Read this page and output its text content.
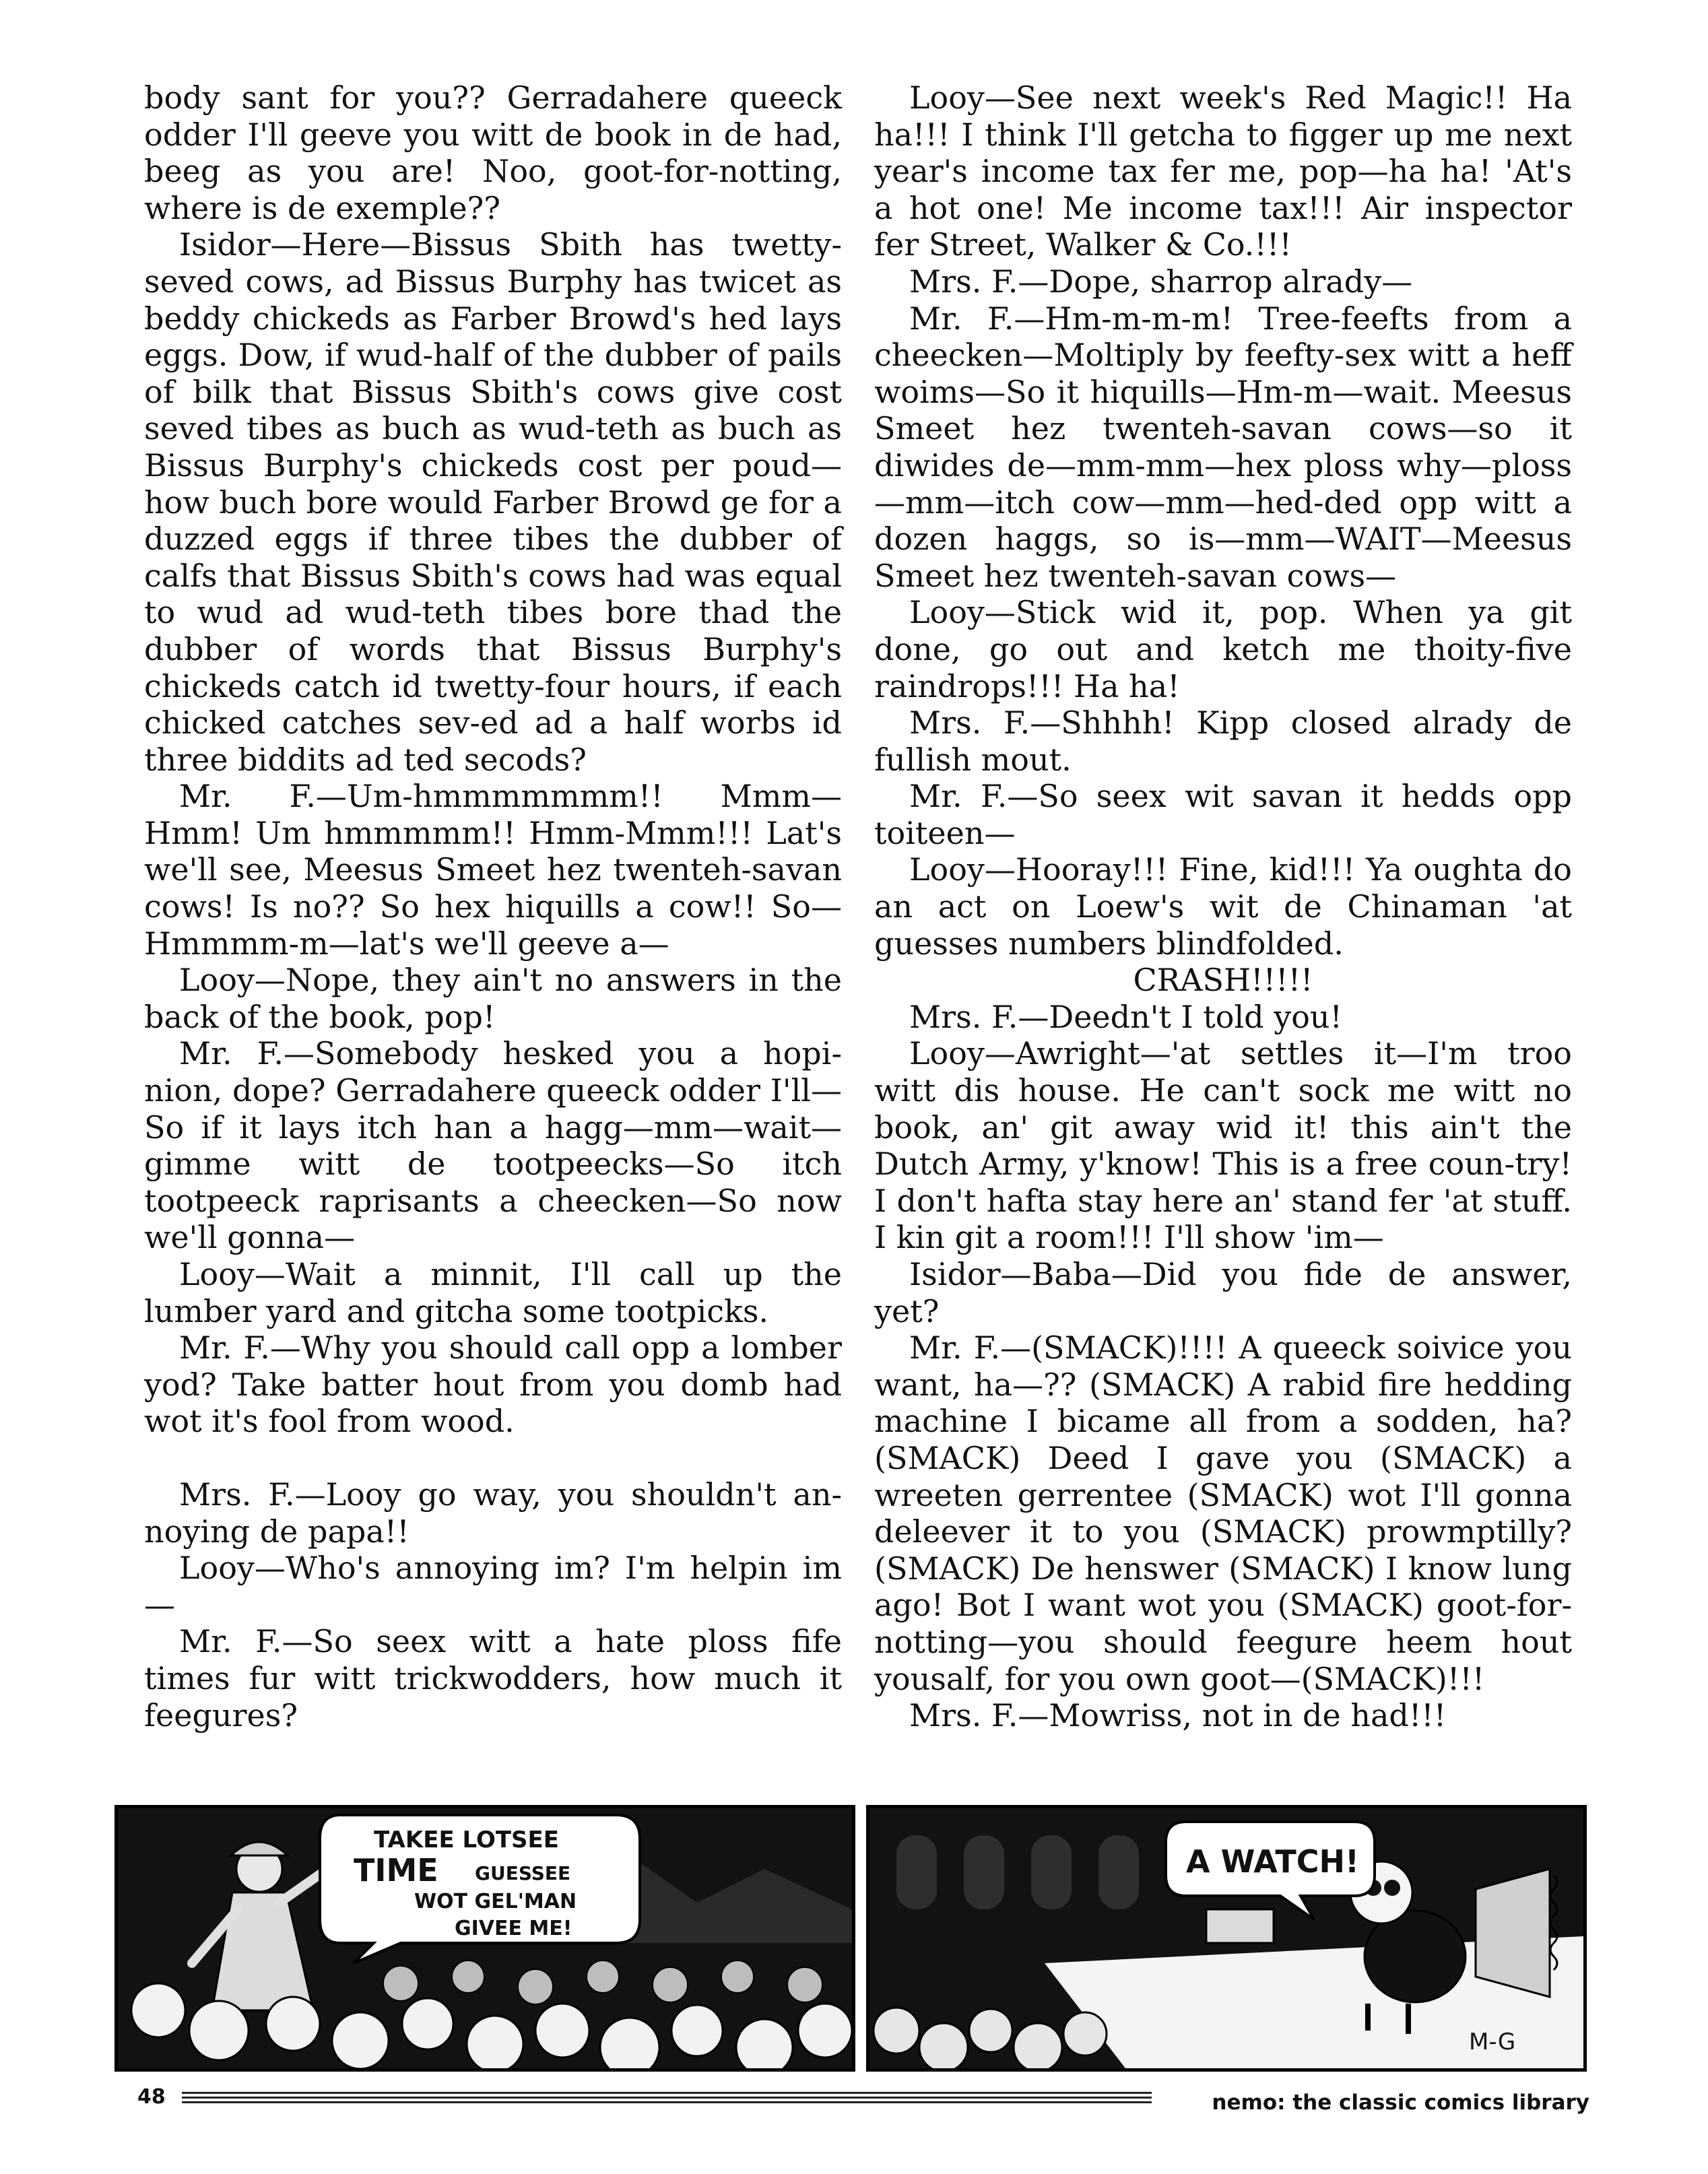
body sant for you?? Gerradahere queeck odder I'll geeve you witt de book in de had, beeg as you are! Noo, goot-for-notting, where is de exemple??

Isidor—Here—Bissus Sbith has twetty-seved cows, ad Bissus Burphy has twicet as beddy chickeds as Farber Browd's hed lays eggs. Dow, if wud-half of the dubber of pails of bilk that Bissus Sbith's cows give cost seved tibes as buch as wud-teth as buch as Bissus Burphy's chickeds cost per poud—how buch bore would Farber Browd ge for a duzzed eggs if three tibes the dubber of calfs that Bissus Sbith's cows had was equal to wud ad wud-teth tibes bore thad the dubber of words that Bissus Burphy's chickeds catch id twetty-four hours, if each chicked catches sev-ed ad a half worbs id three biddits ad ted secods?

Mr. F.—Um-hmmmmmmm!! Mmm—Hmm! Um hmmmmm!! Hmm-Mmm!!! Lat's we'll see, Meesus Smeet hez twenteh-savan cows! Is no?? So hex hiquills a cow!! So—Hmmmm-m—lat's we'll geeve a—

Looy—Nope, they ain't no answers in the back of the book, pop!

Mr. F.—Somebody hesked you a hopi-nion, dope? Gerradahere queeck odder I'll— So if it lays itch han a hagg—mm—wait—gimme witt de tootpeecks—So itch tootpeeck raprisants a cheecken—So now we'll gonna—

Looy—Wait a minnit, I'll call up the lumber yard and gitcha some tootpicks.

Mr. F.—Why you should call opp a lomber yod? Take batter hout from you domb had wot it's fool from wood.

Mrs. F.—Looy go way, you shouldn't an-noying de papa!!

Looy—Who's annoying im? I'm helpin im—

Mr. F.—So seex witt a hate ploss fife times fur witt trickwodders, how much it feegures?

Looy—See next week's Red Magic!! Ha ha!!! I think I'll getcha to figger up me next year's income tax fer me, pop—ha ha! 'At's a hot one! Me income tax!!! Air inspector fer Street, Walker & Co.!!!

Mrs. F.—Dope, sharrop alrady—

Mr. F.—Hm-m-m-m! Tree-feefts from a cheecken—Moltiply by feefty-sex witt a heff woims—So it hiquills—Hm-m—wait. Meesus Smeet hez twenteh-savan cows—so it diwides de—mm-mm—hex ploss why—ploss—mm—itch cow—mm—hed-ded opp witt a dozen haggs, so is—mm—WAIT—Meesus Smeet hez twenteh-savan cows—

Looy—Stick wid it, pop. When ya git done, go out and ketch me thoity-five raindrops!!! Ha ha!

Mrs. F.—Shhhh! Kipp closed alrady de fullish mout.

Mr. F.—So seex wit savan it hedds opp toiteen—

Looy—Hooray!!! Fine, kid!!! Ya oughta do an act on Loew's wit de Chinaman 'at guesses numbers blindfolded.

CRASH!!!!!

Mrs. F.—Deedn't I told you!

Looy—Awright—'at settles it—I'm troo witt dis house. He can't sock me witt no book, an' git away wid it! this ain't the Dutch Army, y'know! This is a free coun-try! I don't hafta stay here an' stand fer 'at stuff. I kin git a room!!! I'll show 'im—

Isidor—Baba—Did you fide de answer, yet?

Mr. F.—(SMACK)!!!! A queeck soivice you want, ha—?? (SMACK) A rabid fire hedding machine I bicame all from a sodden, ha? (SMACK) Deed I gave you (SMACK) a wreeten gerrentee (SMACK) wot I'll gonna deleever it to you (SMACK) prowmptilly? (SMACK) De henswer (SMACK) I know lung ago! Bot I want wot you (SMACK) goot-for-notting—you should feegure heem hout yousalf, for you own goot—(SMACK)!!!

Mrs. F.—Mowriss, not in de had!!!

TAKEE LOTSEE
TIME GUESSEE
WOT GEL'MAN
GIVEE ME!
A WATCH!
M-G
48	nemo: the classic comics library
